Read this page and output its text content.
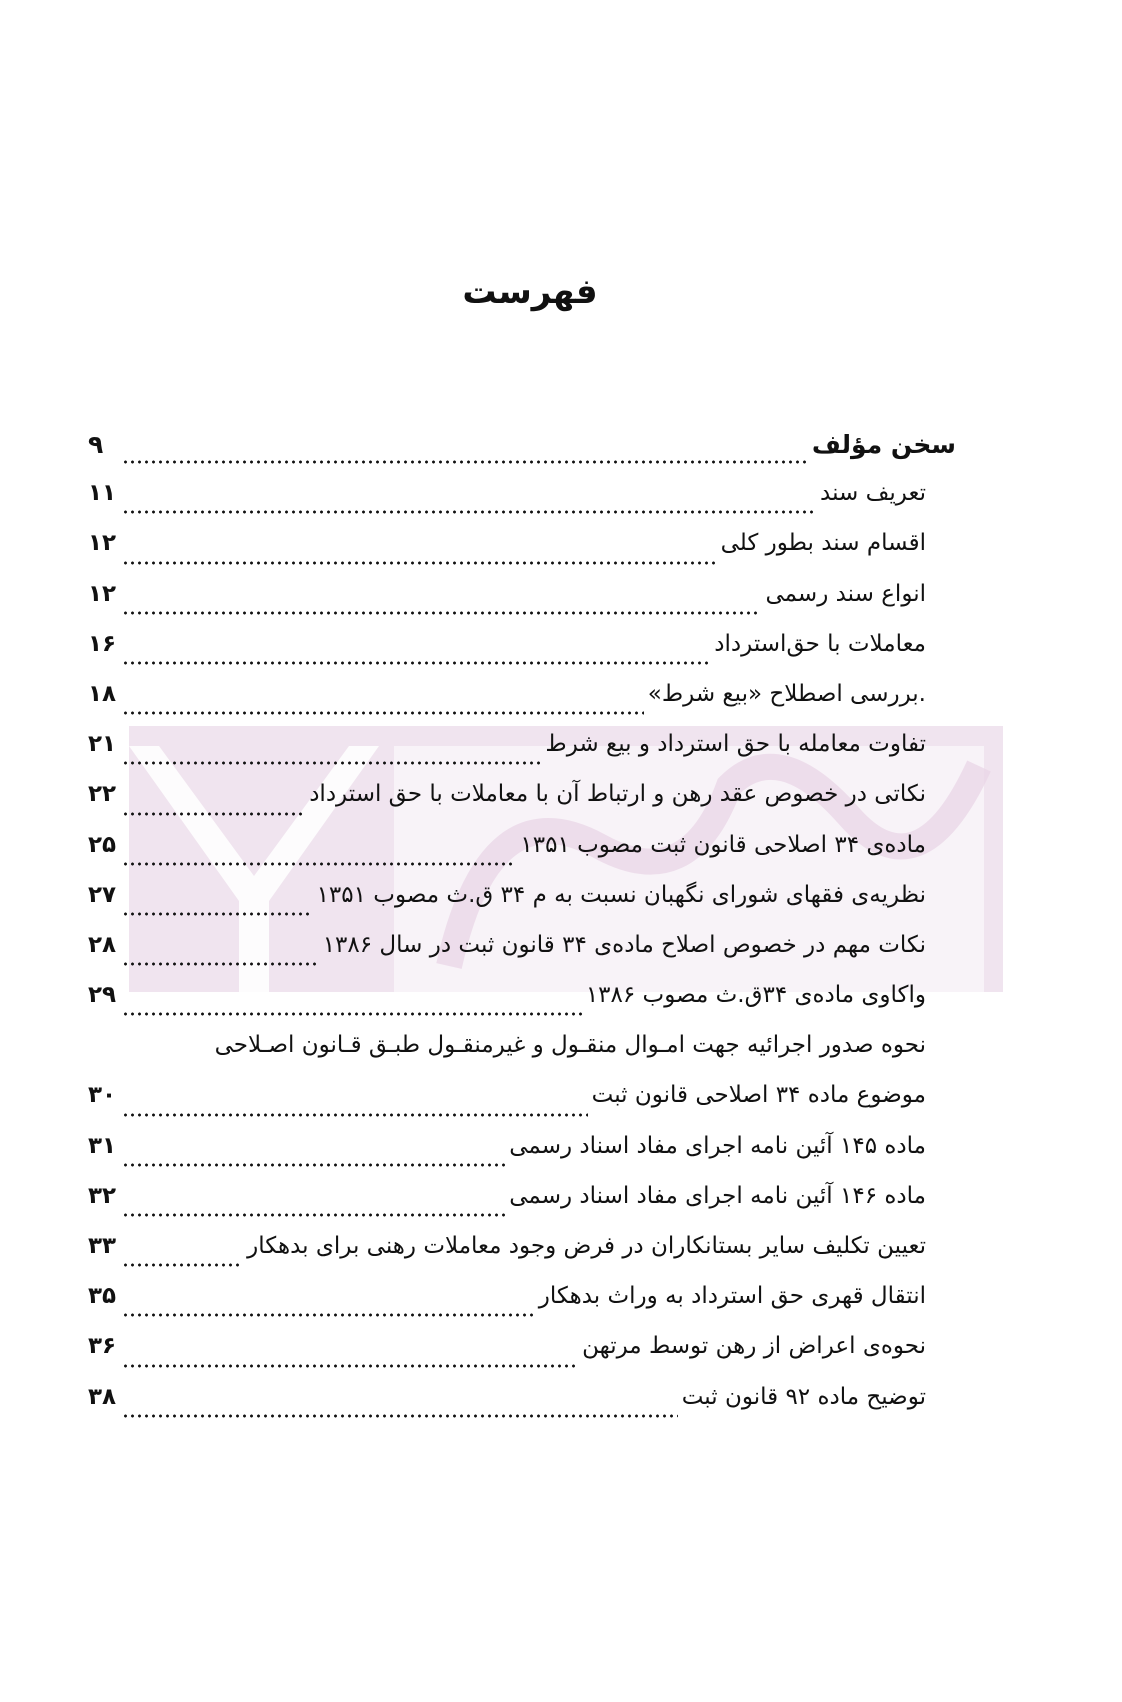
فهرست
سخن مؤلف
۹
تعریف سند
۱۱
اقسام سند بطور کلی
۱۲
انواع سند رسمی
۱۲
معاملات با حق‌استرداد
۱۶
.بررسی اصطلاح «بیع شرط»
۱۸
تفاوت معامله با حق استرداد و بیع شرط
۲۱
نکاتی در خصوص عقد رهن و ارتباط آن با معاملات با حق استرداد
۲۲
ماده‌ی ۳۴ اصلاحی قانون ثبت مصوب ۱۳۵۱
۲۵
نظریه‌ی فقهای شورای نگهبان نسبت به م ۳۴ ق.ث مصوب ۱۳۵۱
۲۷
نکات مهم در خصوص اصلاح ماده‌ی ۳۴ قانون ثبت در سال ۱۳۸۶
۲۸
واکاوی ماده‌ی ۳۴ق.ث مصوب ۱۳۸۶
۲۹
نحوه صدور اجرائیه جهت امـوال منقـول و غیرمنقـول طبـق قـانون اصـلاحی
موضوع ماده ۳۴ اصلاحی قانون ثبت
۳۰
ماده ۱۴۵ آئین نامه اجرای مفاد اسناد رسمی
۳۱
ماده ۱۴۶ آئین نامه اجرای مفاد اسناد رسمی
۳۲
تعیین تکلیف سایر بستانکاران در فرض وجود معاملات رهنی برای بدهکار
۳۳
انتقال قهری حق استرداد به وراث بدهکار
۳۵
نحوه‌ی اعراض از رهن توسط مرتهن
۳۶
توضیح ماده ۹۲ قانون ثبت
۳۸
